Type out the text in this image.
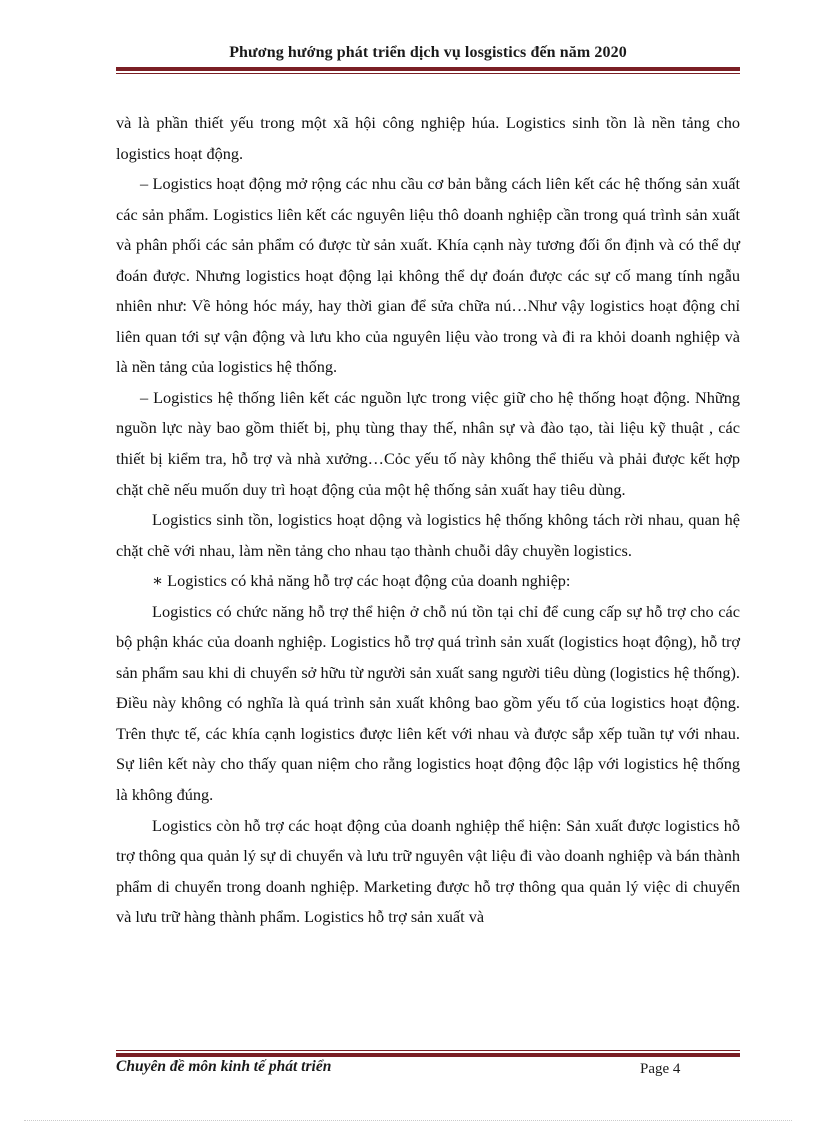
Phương hướng phát triển dịch vụ losgistics đến năm 2020

và là phần thiết yếu trong một xã hội công nghiệp húa. Logistics sinh tồn là nền tảng cho logistics hoạt động.

– Logistics hoạt động mở rộng các nhu cầu cơ bản bằng cách liên kết các hệ thống sản xuất các sản phẩm. Logistics liên kết các nguyên liệu thô doanh nghiệp cần trong quá trình sản xuất và phân phối các sản phẩm có được từ sản xuất. Khía cạnh này tương đối ổn định và có thể dự đoán được. Nhưng logistics hoạt động lại không thể dự đoán được các sự cố mang tính ngẫu nhiên như: Về hỏng hóc máy, hay thời gian để sửa chữa nú…Như vậy logistics hoạt động chỉ liên quan tới sự vận động và lưu kho của nguyên liệu vào trong và đi ra khỏi doanh nghiệp và là nền tảng của logistics hệ thống.

– Logistics hệ thống liên kết các nguồn lực trong việc giữ cho hệ thống hoạt động. Những nguồn lực này bao gồm thiết bị, phụ tùng thay thế, nhân sự và đào tạo, tài liệu kỹ thuật , các thiết bị kiểm tra, hỗ trợ và nhà xưởng…Cỏc yếu tố này không thể thiếu và phải được kết hợp chặt chẽ nếu muốn duy trì hoạt động của một hệ thống sản xuất hay tiêu dùng.

Logistics sinh tồn, logistics hoạt dộng và logistics hệ thống không tách rời nhau, quan hệ chặt chẽ với nhau, làm nền tảng cho nhau tạo thành chuỗi dây chuyền logistics.

∗ Logistics có khả năng hỗ trợ các hoạt động của doanh nghiệp:

Logistics có chức năng hỗ trợ thể hiện ở chỗ nú tồn tại chỉ để cung cấp sự hỗ trợ cho các bộ phận khác của doanh nghiệp. Logistics hỗ trợ quá trình sản xuất (logistics hoạt động), hỗ trợ sản phẩm sau khi di chuyển sở hữu từ người sản xuất sang người tiêu dùng (logistics hệ thống). Điều này không có nghĩa là quá trình sản xuất không bao gồm yếu tố của logistics hoạt động. Trên thực tế, các khía cạnh logistics được liên kết với nhau và được sắp xếp tuần tự với nhau. Sự liên kết này cho thấy quan niệm cho rằng logistics hoạt động độc lập với logistics hệ thống là không đúng.

Logistics còn hỗ trợ các hoạt động của doanh nghiệp thể hiện: Sản xuất được logistics hỗ trợ thông qua quản lý sự di chuyển và lưu trữ nguyên vật liệu đi vào doanh nghiệp và bán thành phẩm di chuyển trong doanh nghiệp. Marketing được hỗ trợ thông qua quản lý việc di chuyển và lưu trữ hàng thành phẩm. Logistics hỗ trợ sản xuất và

Chuyên đề môn kinh tế phát triển	Page 4
